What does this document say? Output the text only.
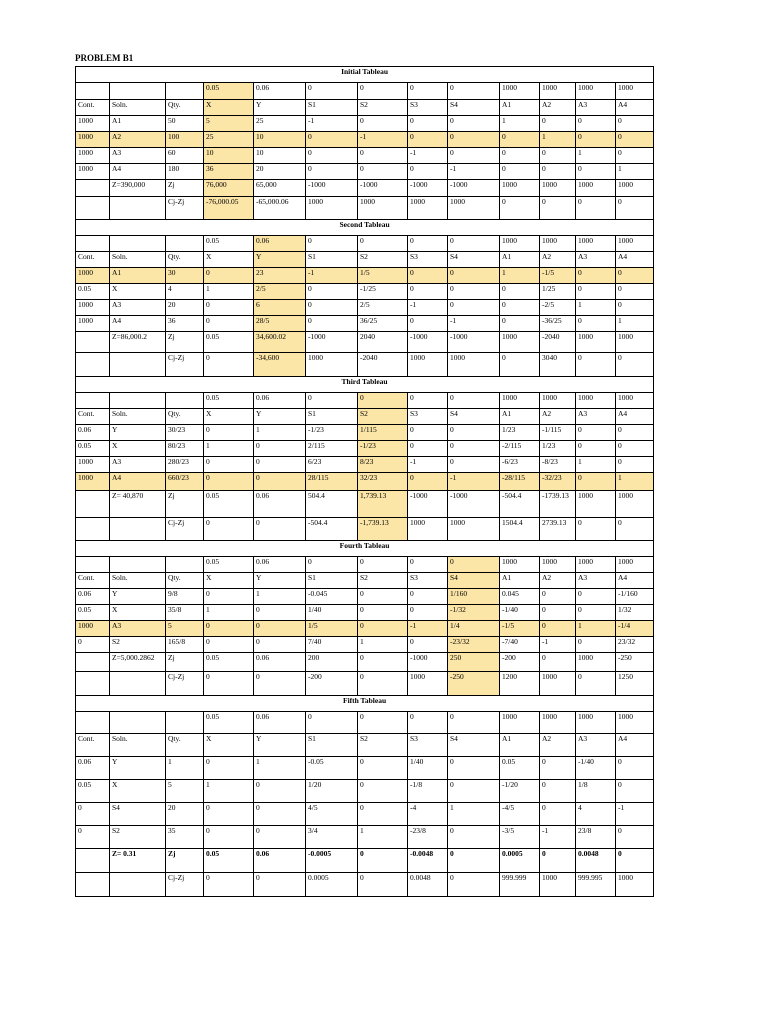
PROBLEM B1
Initial Tableau												
			0.05	0.06	0	0	0	0	1000	1000	1000	1000
Cont.	Soln.	Qty.	X	Y	S1	S2	S3	S4	A1	A2	A3	A4
1000	A1	50	5	25	-1	0	0	0	1	0	0	0
1000	A2	100	25	10	0	-1	0	0	0	1	0	0
1000	A3	60	10	10	0	0	-1	0	0	0	1	0
1000	A4	180	36	20	0	0	0	-1	0	0	0	1
	Z=390,000	Zj	76,000	65,000	-1000	-1000	-1000	-1000	1000	1000	1000	1000
		Cj-Zj	-76,000.05	-65,000.06	1000	1000	1000	1000	0	0	0	0
Second Tableau												
			0.05	0.06	0	0	0	0	1000	1000	1000	1000
Cont.	Soln.	Qty.	X	Y	S1	S2	S3	S4	A1	A2	A3	A4
1000	A1	30	0	23	-1	1/5	0	0	1	-1/5	0	0
0.05	X	4	1	2/5	0	-1/25	0	0	0	1/25	0	0
1000	A3	20	0	6	0	2/5	-1	0	0	-2/5	1	0
1000	A4	36	0	28/5	0	36/25	0	-1	0	-36/25	0	1
	Z=86,000.2	Zj	0.05	34,600.02	-1000	2040	-1000	-1000	1000	-2040	1000	1000
		Cj-Zj	0	-34,600	1000	-2040	1000	1000	0	3040	0	0
Third Tableau												
			0.05	0.06	0	0	0	0	1000	1000	1000	1000
Cont.	Soln.	Qty.	X	Y	S1	S2	S3	S4	A1	A2	A3	A4
0.06	Y	30/23	0	1	-1/23	1/115	0	0	1/23	-1/115	0	0
0.05	X	80/23	1	0	2/115	-1/23	0	0	-2/115	1/23	0	0
1000	A3	280/23	0	0	6/23	8/23	-1	0	-6/23	-8/23	1	0
1000	A4	660/23	0	0	28/115	32/23	0	-1	-28/115	-32/23	0	1
	Z= 40,870	Zj	0.05	0.06	504.4	1,739.13	-1000	-1000	-504.4	-1739.13	1000	1000
		Cj-Zj	0	0	-504.4	-1,739.13	1000	1000	1504.4	2739.13	0	0
Fourth Tableau												
			0.05	0.06	0	0	0	0	1000	1000	1000	1000
Cont.	Soln.	Qty.	X	Y	S1	S2	S3	S4	A1	A2	A3	A4
0.06	Y	9/8	0	1	-0.045	0	0	1/160	0.045	0	0	-1/160
0.05	X	35/8	1	0	1/40	0	0	-1/32	-1/40	0	0	1/32
1000	A3	5	0	0	1/5	0	-1	1/4	-1/5	0	1	-1/4
0	S2	165/8	0	0	7/40	1	0	-23/32	-7/40	-1	0	23/32
	Z=5,000.2862	Zj	0.05	0.06	200	0	-1000	250	-200	0	1000	-250
		Cj-Zj	0	0	-200	0	1000	-250	1200	1000	0	1250
Fifth Tableau												
			0.05	0.06	0	0	0	0	1000	1000	1000	1000
Cont.	Soln.	Qty.	X	Y	S1	S2	S3	S4	A1	A2	A3	A4
0.06	Y	1	0	1	-0.05	0	1/40	0	0.05	0	-1/40	0
0.05	X	5	1	0	1/20	0	-1/8	0	-1/20	0	1/8	0
0	S4	20	0	0	4/5	0	-4	1	-4/5	0	4	-1
0	S2	35	0	0	3/4	1	-23/8	0	-3/5	-1	23/8	0
	Z= 0.31	Zj	0.05	0.06	-0.0005	0	-0.0048	0	0.0005	0	0.0048	0
		Cj-Zj	0	0	0.0005	0	0.0048	0	999.999	1000	999.995	1000
